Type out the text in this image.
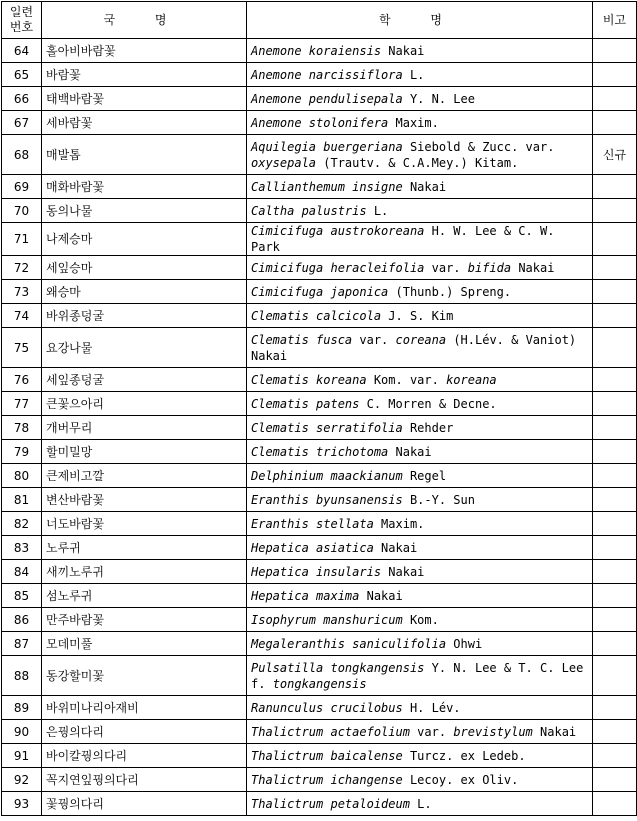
일련
번호	국 명	학 명	비고
64	홀아비바람꽃	Anemone koraiensis Nakai	
65	바람꽃	Anemone narcissiflora L.	
66	태백바람꽃	Anemone pendulisepala Y. N. Lee	
67	세바람꽃	Anemone stolonifera Maxim.	
68	매발톱	Aquilegia buergeriana Siebold & Zucc. var. oxysepala (Trautv. & C.A.Mey.) Kitam.	신규
69	매화바람꽃	Callianthemum insigne Nakai	
70	동의나물	Caltha palustris L.	
71	나제승마	Cimicifuga austrokoreana H. W. Lee & C. W. Park	
72	세잎승마	Cimicifuga heracleifolia var. bifida Nakai	
73	왜승마	Cimicifuga japonica (Thunb.) Spreng.	
74	바위종덩굴	Clematis calcicola J. S. Kim	
75	요강나물	Clematis fusca var. coreana (H.Lév. & Vaniot) Nakai	
76	세잎종덩굴	Clematis koreana Kom. var. koreana	
77	큰꽃으아리	Clematis patens C. Morren & Decne.	
78	개버무리	Clematis serratifolia Rehder	
79	할미밀망	Clematis trichotoma Nakai	
80	큰제비고깔	Delphinium maackianum Regel	
81	변산바람꽃	Eranthis byunsanensis B.-Y. Sun	
82	너도바람꽃	Eranthis stellata Maxim.	
83	노루귀	Hepatica asiatica Nakai	
84	새끼노루귀	Hepatica insularis Nakai	
85	섬노루귀	Hepatica maxima Nakai	
86	만주바람꽃	Isophyrum manshuricum Kom.	
87	모데미풀	Megaleranthis saniculifolia Ohwi	
88	동강할미꽃	Pulsatilla tongkangensis Y. N. Lee & T. C. Lee f. tongkangensis	
89	바위미나리아재비	Ranunculus crucilobus H. Lév.	
90	은꿩의다리	Thalictrum actaefolium var. brevistylum Nakai	
91	바이칼꿩의다리	Thalictrum baicalense Turcz. ex Ledeb.	
92	꼭지연잎꿩의다리	Thalictrum ichangense Lecoy. ex Oliv.	
93	꽃꿩의다리	Thalictrum petaloideum L.	
